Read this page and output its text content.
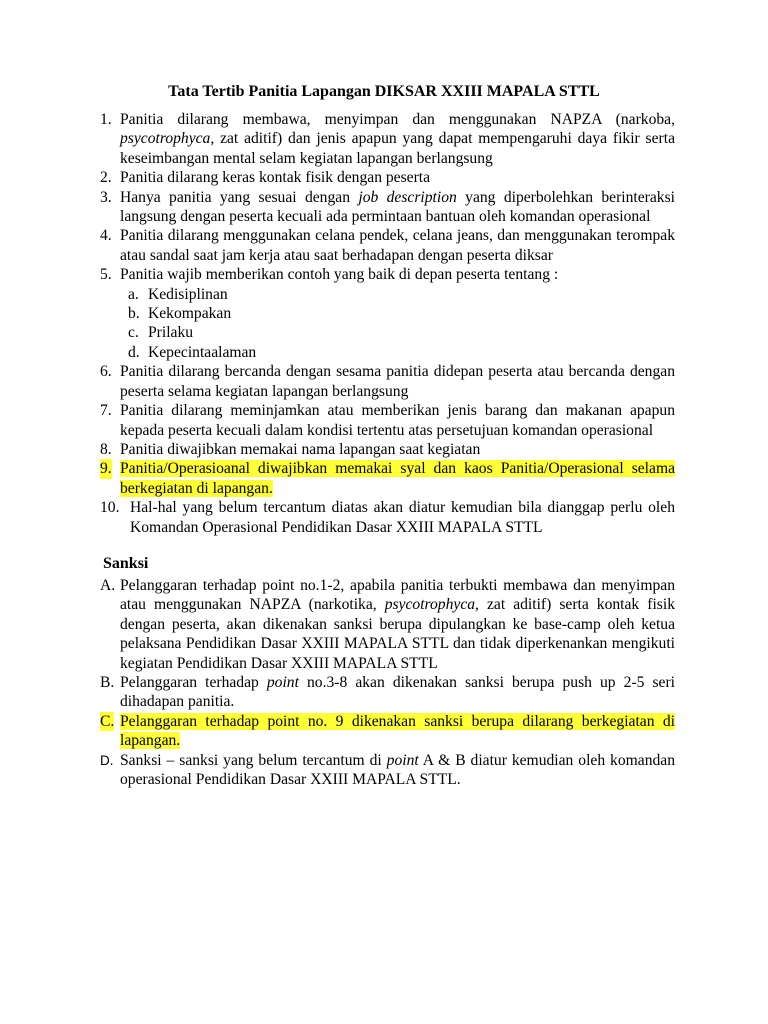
Tata Tertib Panitia Lapangan DIKSAR XXIII MAPALA STTL
1. Panitia dilarang membawa, menyimpan dan menggunakan NAPZA (narkoba, psycotrophyca, zat aditif) dan jenis apapun yang dapat mempengaruhi daya fikir serta keseimbangan mental selam kegiatan lapangan berlangsung
2. Panitia dilarang keras kontak fisik dengan peserta
3. Hanya panitia yang sesuai dengan job description yang diperbolehkan berinteraksi langsung dengan peserta kecuali ada permintaan bantuan oleh komandan operasional
4. Panitia dilarang menggunakan celana pendek, celana jeans, dan menggunakan terompak atau sandal saat jam kerja atau saat berhadapan dengan peserta diksar
5. Panitia wajib memberikan contoh yang baik di depan peserta tentang :
a. Kedisiplinan
b. Kekompakan
c. Prilaku
d. Kepecintaalaman
6. Panitia dilarang bercanda dengan sesama panitia didepan peserta atau bercanda dengan peserta selama kegiatan lapangan berlangsung
7. Panitia dilarang meminjamkan atau memberikan jenis barang dan makanan apapun kepada peserta kecuali dalam kondisi tertentu atas persetujuan komandan operasional
8. Panitia diwajibkan memakai nama lapangan saat kegiatan
9. Panitia/Operasioanal diwajibkan memakai syal dan kaos Panitia/Operasional selama berkegiatan di lapangan.
10. Hal-hal yang belum tercantum diatas akan diatur kemudian bila dianggap perlu oleh Komandan Operasional Pendidikan Dasar XXIII MAPALA STTL
Sanksi
A. Pelanggaran terhadap point no.1-2, apabila panitia terbukti membawa dan menyimpan atau menggunakan NAPZA (narkotika, psycotrophyca, zat aditif) serta kontak fisik dengan peserta, akan dikenakan sanksi berupa dipulangkan ke base-camp oleh ketua pelaksana Pendidikan Dasar XXIII MAPALA STTL dan tidak diperkenankan mengikuti kegiatan Pendidikan Dasar XXIII MAPALA STTL
B. Pelanggaran terhadap point no.3-8 akan dikenakan sanksi berupa push up 2-5 seri dihadapan panitia.
C. Pelanggaran terhadap point no. 9 dikenakan sanksi berupa dilarang berkegiatan di lapangan.
D. Sanksi – sanksi yang belum tercantum di point A & B diatur kemudian oleh komandan operasional Pendidikan Dasar XXIII MAPALA STTL.
